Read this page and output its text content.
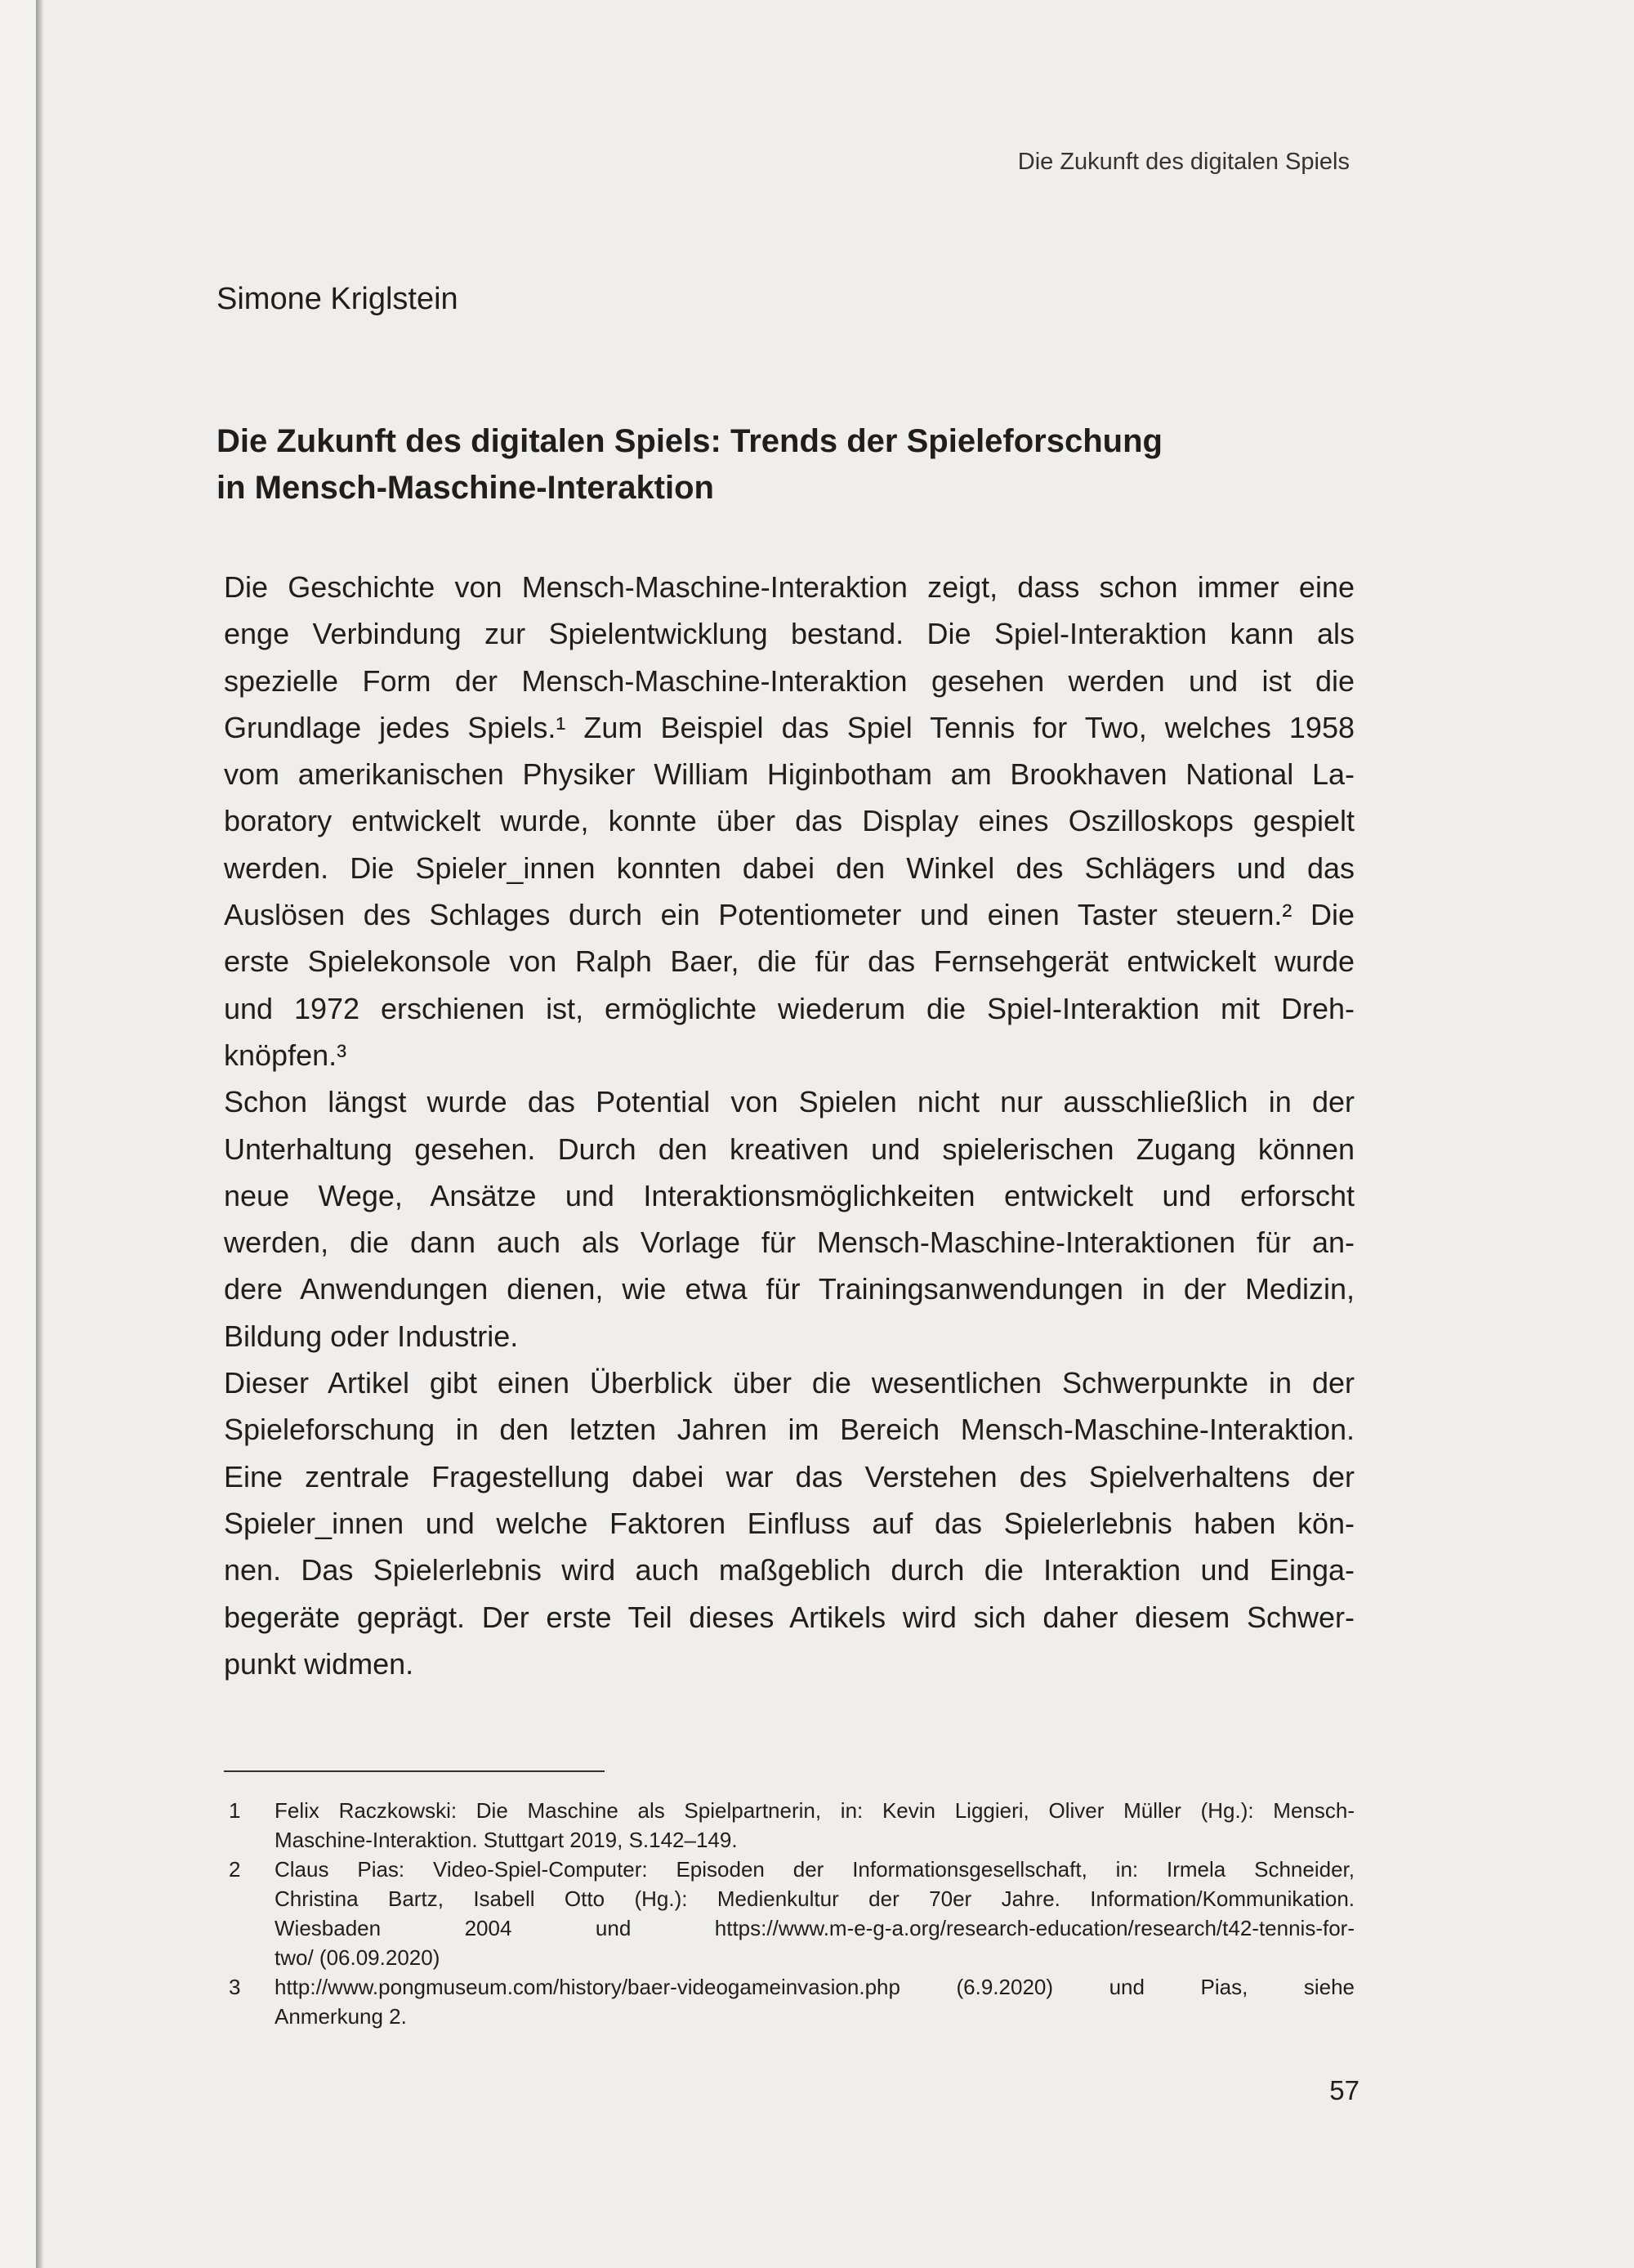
Die Zukunft des digitalen Spiels
Simone Kriglstein
Die Zukunft des digitalen Spiels: Trends der Spieleforschung
in Mensch-Maschine-Interaktion
Die Geschichte von Mensch-Maschine-Interaktion zeigt, dass schon immer eine
enge Verbindung zur Spielentwicklung bestand. Die Spiel-Interaktion kann als
spezielle Form der Mensch-Maschine-Interaktion gesehen werden und ist die
Grundlage jedes Spiels.¹ Zum Beispiel das Spiel Tennis for Two, welches 1958
vom amerikanischen Physiker William Higinbotham am Brookhaven National La-
boratory entwickelt wurde, konnte über das Display eines Oszilloskops gespielt
werden. Die Spieler_innen konnten dabei den Winkel des Schlägers und das
Auslösen des Schlages durch ein Potentiometer und einen Taster steuern.² Die
erste Spielekonsole von Ralph Baer, die für das Fernsehgerät entwickelt wurde
und 1972 erschienen ist, ermöglichte wiederum die Spiel-Interaktion mit Dreh-
knöpfen.³
Schon längst wurde das Potential von Spielen nicht nur ausschließlich in der
Unterhaltung gesehen. Durch den kreativen und spielerischen Zugang können
neue Wege, Ansätze und Interaktionsmöglichkeiten entwickelt und erforscht
werden, die dann auch als Vorlage für Mensch-Maschine-Interaktionen für an-
dere Anwendungen dienen, wie etwa für Trainingsanwendungen in der Medizin,
Bildung oder Industrie.
Dieser Artikel gibt einen Überblick über die wesentlichen Schwerpunkte in der
Spieleforschung in den letzten Jahren im Bereich Mensch-Maschine-Interaktion.
Eine zentrale Fragestellung dabei war das Verstehen des Spielverhaltens der
Spieler_innen und welche Faktoren Einfluss auf das Spielerlebnis haben kön-
nen. Das Spielerlebnis wird auch maßgeblich durch die Interaktion und Einga-
begeräte geprägt. Der erste Teil dieses Artikels wird sich daher diesem Schwer-
punkt widmen.
1	Felix Raczkowski: Die Maschine als Spielpartnerin, in: Kevin Liggieri, Oliver Müller (Hg.): Mensch-
Maschine-Interaktion. Stuttgart 2019, S.142–149.
2	Claus Pias: Video-Spiel-Computer: Episoden der Informationsgesellschaft, in: Irmela Schneider,
Christina Bartz, Isabell Otto (Hg.): Medienkultur der 70er Jahre. Information/Kommunikation.
Wiesbaden 2004 und https://www.m-e-g-a.org/research-education/research/t42-tennis-for-
two/ (06.09.2020)
3	http://www.pongmuseum.com/history/baer-videogameinvasion.php (6.9.2020) und Pias, siehe
Anmerkung 2.
57
